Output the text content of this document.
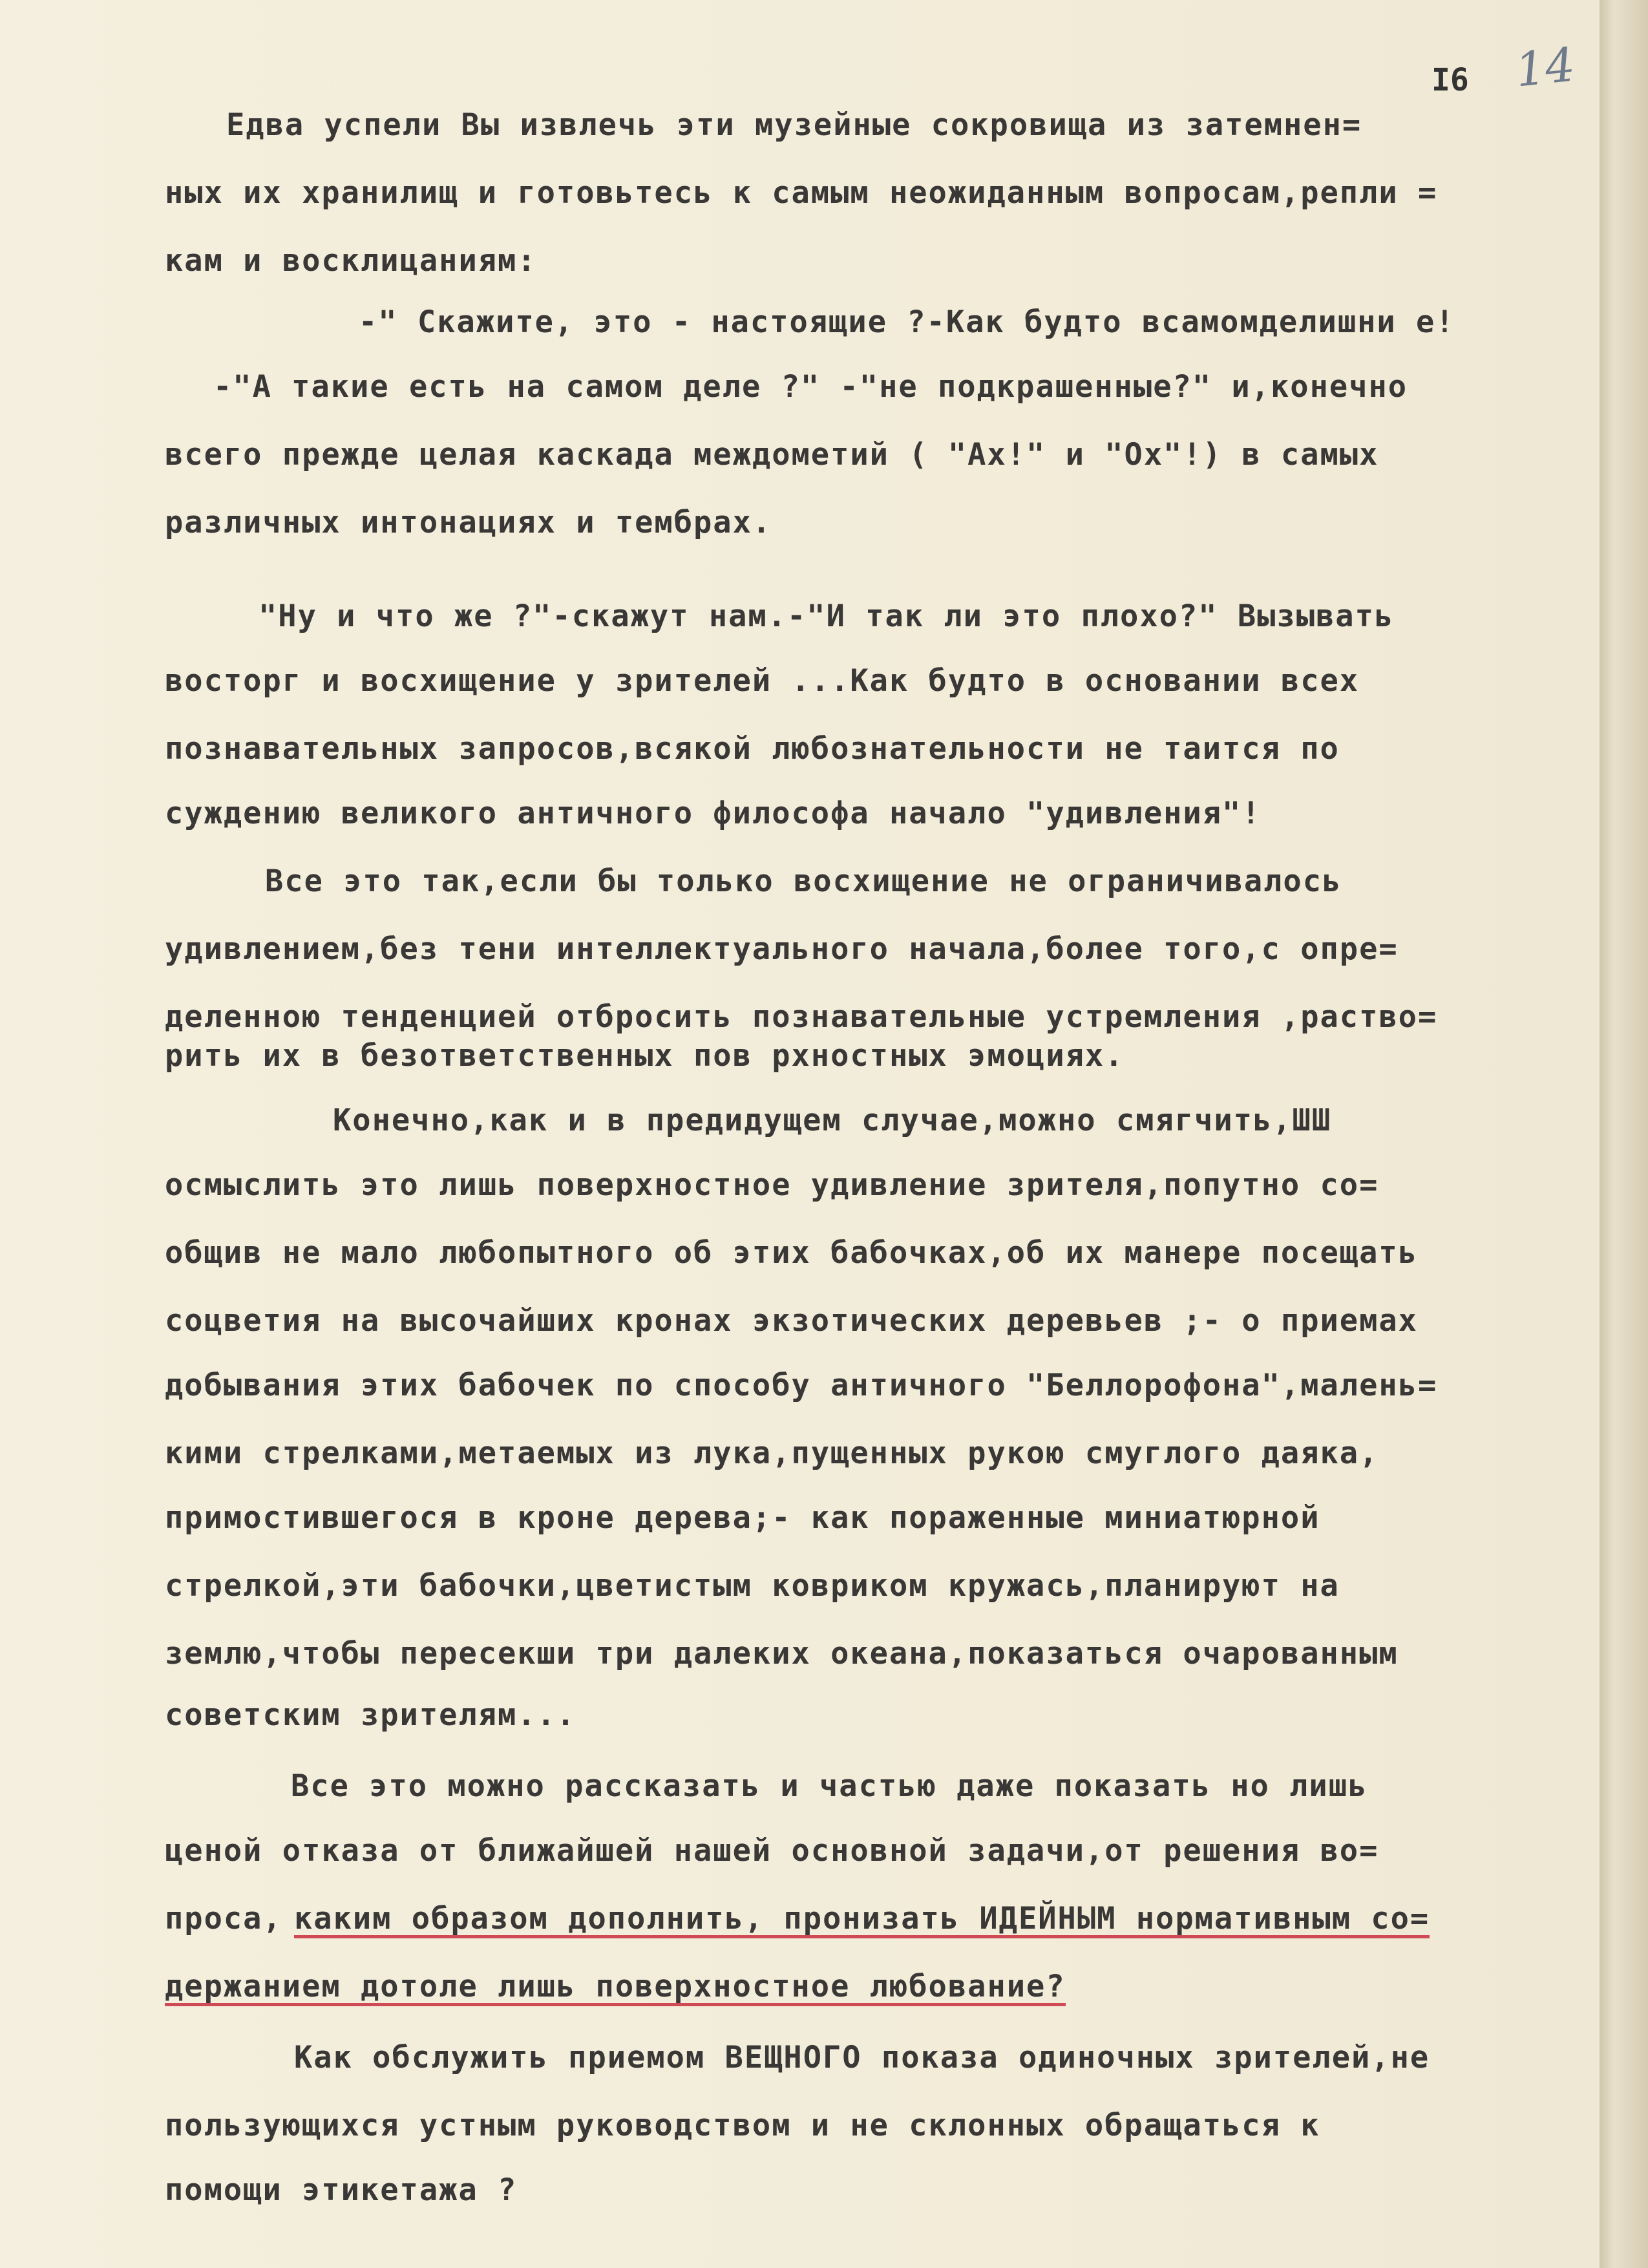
I6 14
Едва успели Вы извлечь эти музейные сокровища из затемнен=
ных их хранилищ и готовьтесь к самым неожиданным вопросам,репли =
кам и восклицаниям:
-" Скажите, это - настоящие ?-Как будто всамомделишни е!
-"А такие есть на самом деле ?" -"не подкрашенные?" и,конечно
всего прежде целая каскада междометий ( "Ах!" и "Ох"!) в самых
различных интонациях и тембрах.
"Ну и что же ?"-скажут нам.-"И так ли это плохо?" Вызывать
восторг и восхищение у зрителей ...Как будто в основании всех
познавательных запросов,всякой любознательности не таится по
суждению великого античного философа начало "удивления"!
Все это так,если бы только восхищение не ограничивалось
удивлением,без тени интеллектуального начала,более того,с опре=
деленною тенденцией отбросить познавательные устремления ,раство=
рить их в безответственных пов рхностных эмоциях.
Конечно,как и в предидущем случае,можно смягчить,ШШ
осмыслить это лишь поверхностное удивление зрителя,попутно со=
общив не мало любопытного об этих бабочках,об их манере посещать
соцветия на высочайших кронах экзотических деревьев ;- о приемах
добывания этих бабочек по способу античного "Беллорофона",малень=
кими стрелками,метаемых из лука,пущенных рукою смуглого даяка,
примостившегося в кроне дерева;- как пораженные миниатюрной
стрелкой,эти бабочки,цветистым ковриком кружась,планируют на
землю,чтобы пересекши три далеких океана,показаться очарованным
советским зрителям...
Все это можно рассказать и частью даже показать но лишь
ценой отказа от ближайшей нашей основной задачи,от решения во=
проса, каким образом дополнить, пронизать ИДЕЙНЫМ нормативным со=
держанием дотоле лишь поверхностное любование?
Как обслужить приемом ВЕЩНОГО показа одиночных зрителей,не
пользующихся устным руководством и не склонных обращаться к
помощи этикетажа ?
